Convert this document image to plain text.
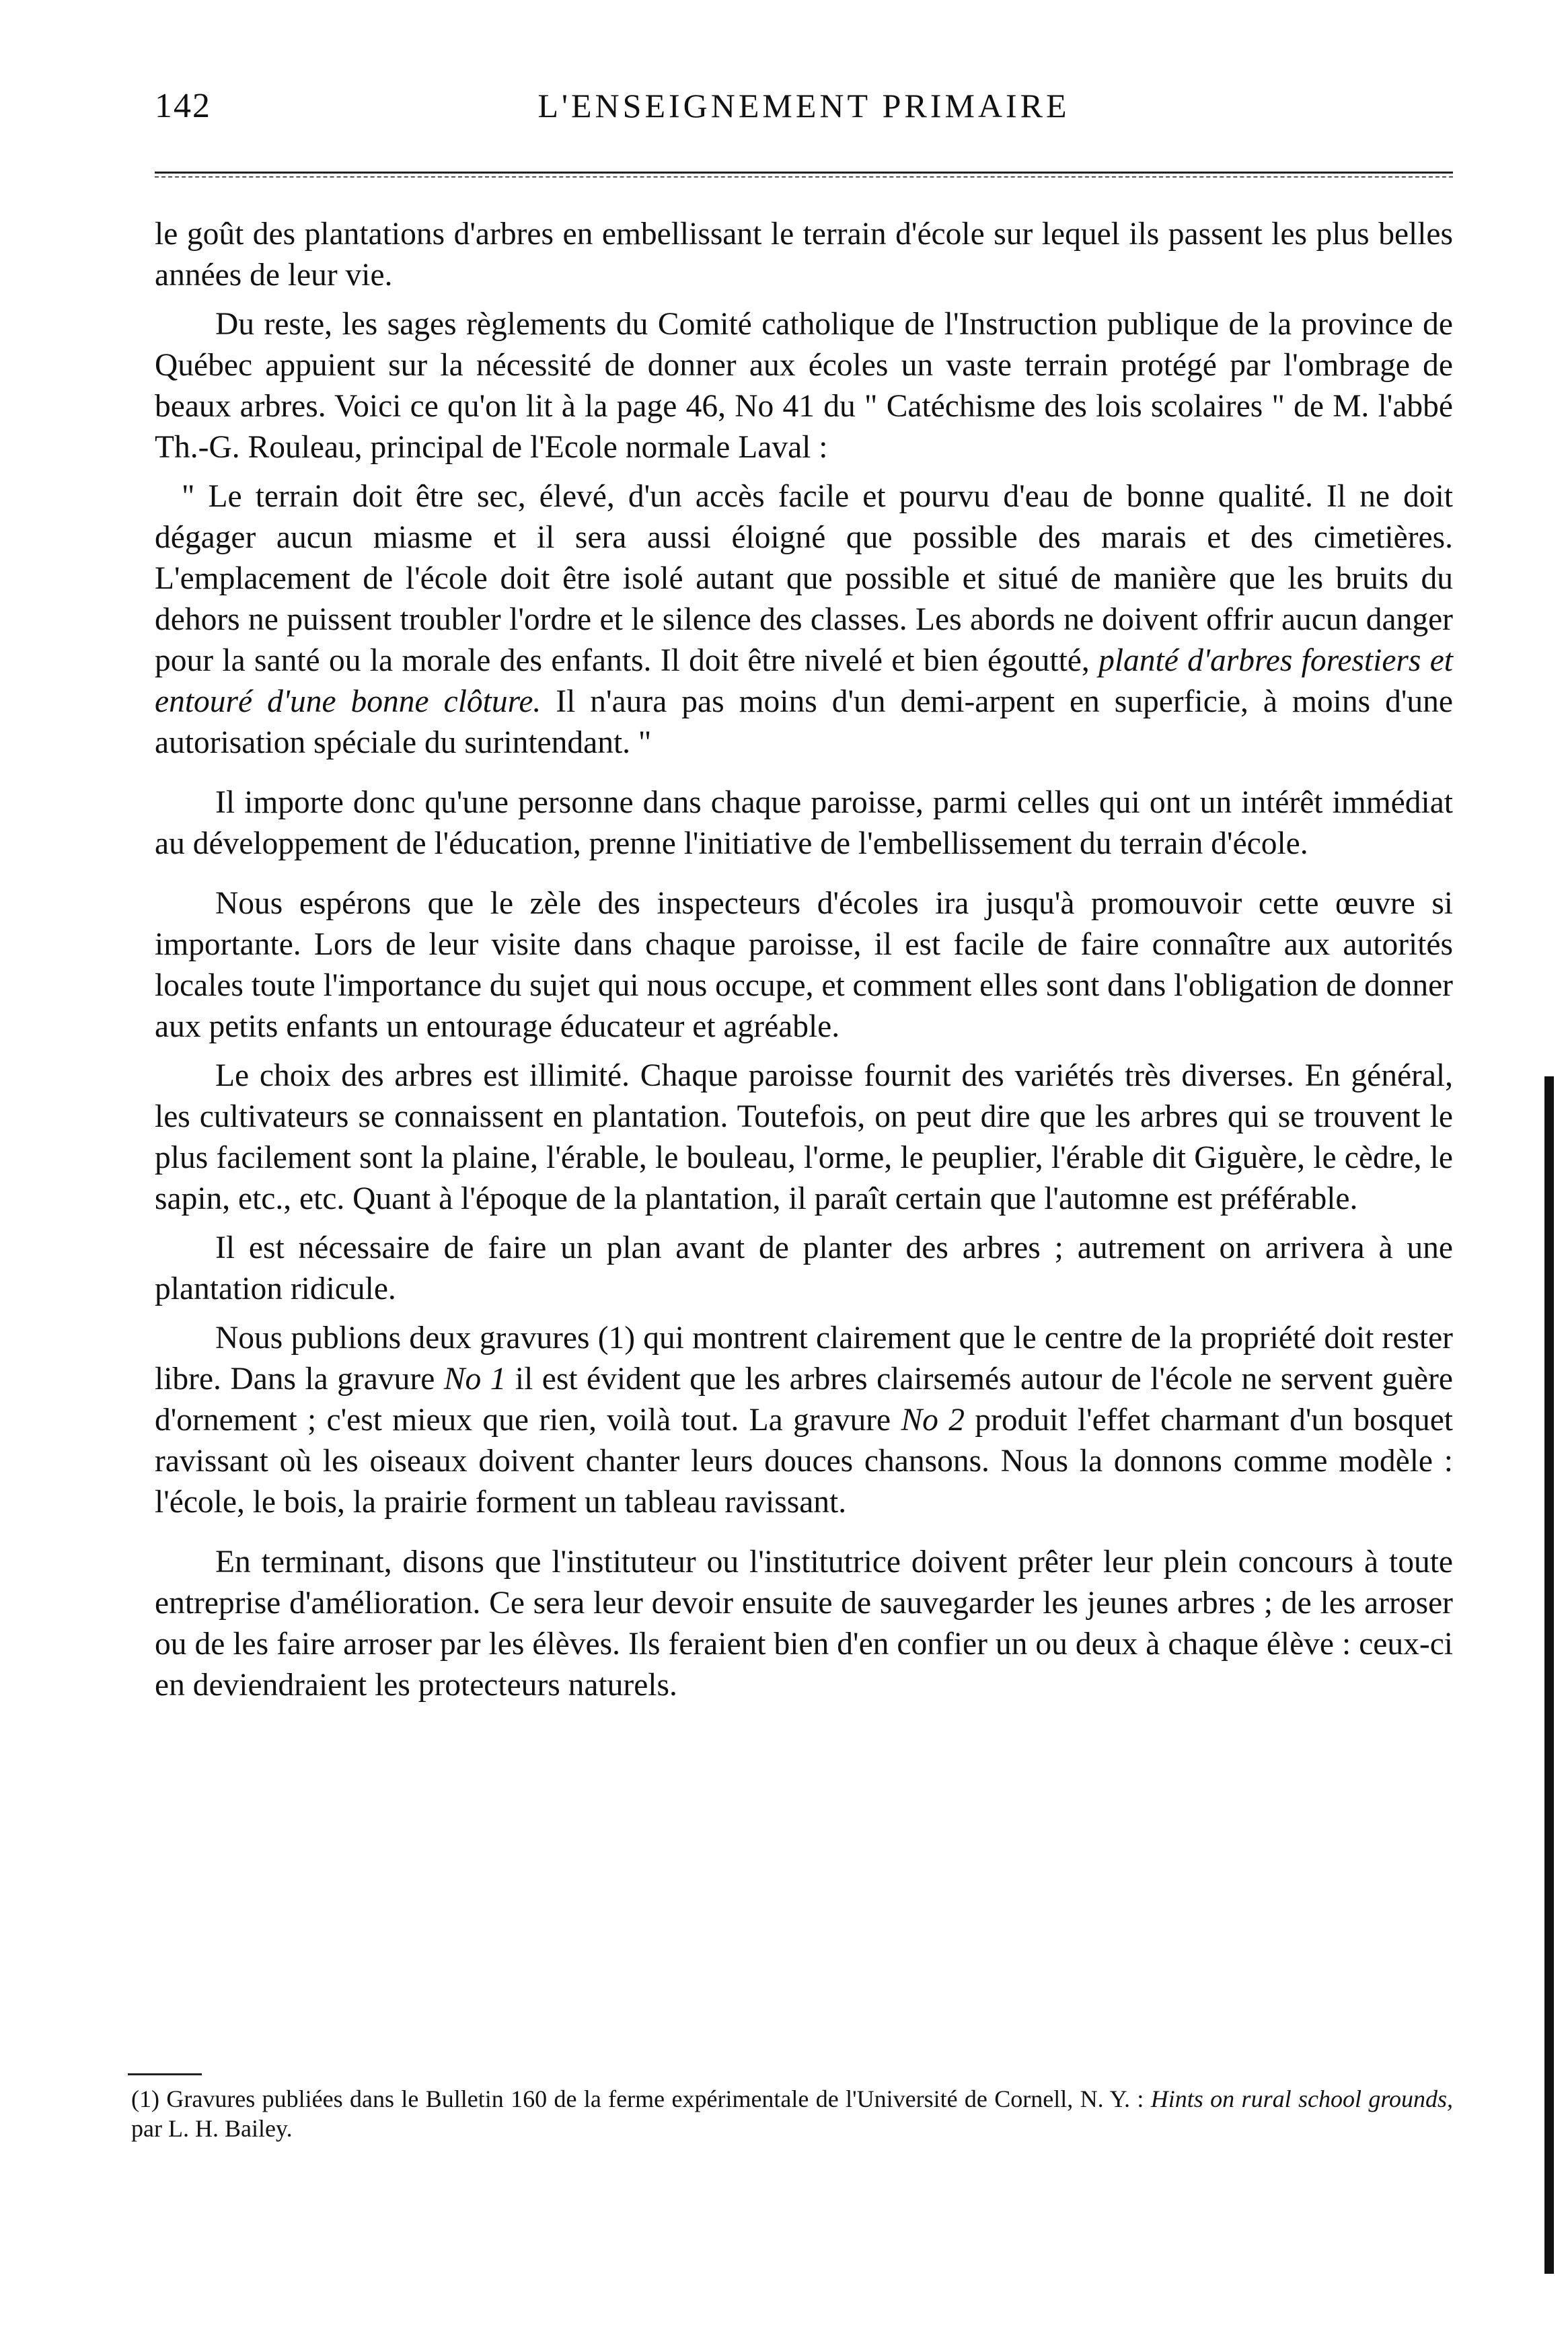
142	L'ENSEIGNEMENT PRIMAIRE

le goût des plantations d'arbres en embellissant le terrain d'école sur lequel ils passent les plus belles années de leur vie.

Du reste, les sages règlements du Comité catholique de l'Instruction publique de la province de Québec appuient sur la nécessité de donner aux écoles un vaste terrain protégé par l'ombrage de beaux arbres. Voici ce qu'on lit à la page 46, No 41 du " Catéchisme des lois scolaires " de M. l'abbé Th.-G. Rouleau, principal de l'Ecole normale Laval :

" Le terrain doit être sec, élevé, d'un accès facile et pourvu d'eau de bonne qualité. Il ne doit dégager aucun miasme et il sera aussi éloigné que possible des marais et des cimetières. L'emplacement de l'école doit être isolé autant que possible et situé de manière que les bruits du dehors ne puissent troubler l'ordre et le silence des classes. Les abords ne doivent offrir aucun danger pour la santé ou la morale des enfants. Il doit être nivelé et bien égoutté, planté d'arbres forestiers et entouré d'une bonne clôture. Il n'aura pas moins d'un demi-arpent en superficie, à moins d'une autorisation spéciale du surintendant. "

Il importe donc qu'une personne dans chaque paroisse, parmi celles qui ont un intérêt immédiat au développement de l'éducation, prenne l'initiative de l'embellissement du terrain d'école.

Nous espérons que le zèle des inspecteurs d'écoles ira jusqu'à promouvoir cette œuvre si importante. Lors de leur visite dans chaque paroisse, il est facile de faire connaître aux autorités locales toute l'importance du sujet qui nous occupe, et comment elles sont dans l'obligation de donner aux petits enfants un entourage éducateur et agréable.

Le choix des arbres est illimité. Chaque paroisse fournit des variétés très diverses. En général, les cultivateurs se connaissent en plantation. Toutefois, on peut dire que les arbres qui se trouvent le plus facilement sont la plaine, l'érable, le bouleau, l'orme, le peuplier, l'érable dit Giguère, le cèdre, le sapin, etc., etc. Quant à l'époque de la plantation, il paraît certain que l'automne est préférable.

Il est nécessaire de faire un plan avant de planter des arbres ; autrement on arrivera à une plantation ridicule.

Nous publions deux gravures (1) qui montrent clairement que le centre de la propriété doit rester libre. Dans la gravure No 1 il est évident que les arbres clairsemés autour de l'école ne servent guère d'ornement ; c'est mieux que rien, voilà tout. La gravure No 2 produit l'effet charmant d'un bosquet ravissant où les oiseaux doivent chanter leurs douces chansons. Nous la donnons comme modèle : l'école, le bois, la prairie forment un tableau ravissant.

En terminant, disons que l'instituteur ou l'institutrice doivent prêter leur plein concours à toute entreprise d'amélioration. Ce sera leur devoir ensuite de sauvegarder les jeunes arbres ; de les arroser ou de les faire arroser par les élèves. Ils feraient bien d'en confier un ou deux à chaque élève : ceux-ci en deviendraient les protecteurs naturels.

(1) Gravures publiées dans le Bulletin 160 de la ferme expérimentale de l'Université de Cornell, N. Y. : Hints on rural school grounds, par L. H. Bailey.
